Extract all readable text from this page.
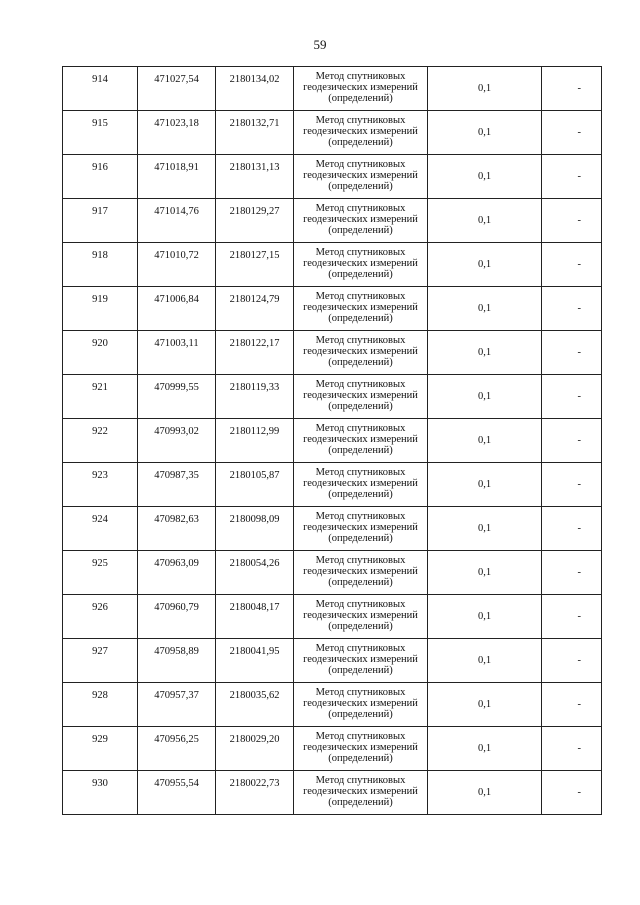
59
914	471027,54	2180134,02	Метод спутниковых геодезических измерений (определений)	0,1	-
915	471023,18	2180132,71	Метод спутниковых геодезических измерений (определений)	0,1	-
916	471018,91	2180131,13	Метод спутниковых геодезических измерений (определений)	0,1	-
917	471014,76	2180129,27	Метод спутниковых геодезических измерений (определений)	0,1	-
918	471010,72	2180127,15	Метод спутниковых геодезических измерений (определений)	0,1	-
919	471006,84	2180124,79	Метод спутниковых геодезических измерений (определений)	0,1	-
920	471003,11	2180122,17	Метод спутниковых геодезических измерений (определений)	0,1	-
921	470999,55	2180119,33	Метод спутниковых геодезических измерений (определений)	0,1	-
922	470993,02	2180112,99	Метод спутниковых геодезических измерений (определений)	0,1	-
923	470987,35	2180105,87	Метод спутниковых геодезических измерений (определений)	0,1	-
924	470982,63	2180098,09	Метод спутниковых геодезических измерений (определений)	0,1	-
925	470963,09	2180054,26	Метод спутниковых геодезических измерений (определений)	0,1	-
926	470960,79	2180048,17	Метод спутниковых геодезических измерений (определений)	0,1	-
927	470958,89	2180041,95	Метод спутниковых геодезических измерений (определений)	0,1	-
928	470957,37	2180035,62	Метод спутниковых геодезических измерений (определений)	0,1	-
929	470956,25	2180029,20	Метод спутниковых геодезических измерений (определений)	0,1	-
930	470955,54	2180022,73	Метод спутниковых геодезических измерений (определений)	0,1	-
